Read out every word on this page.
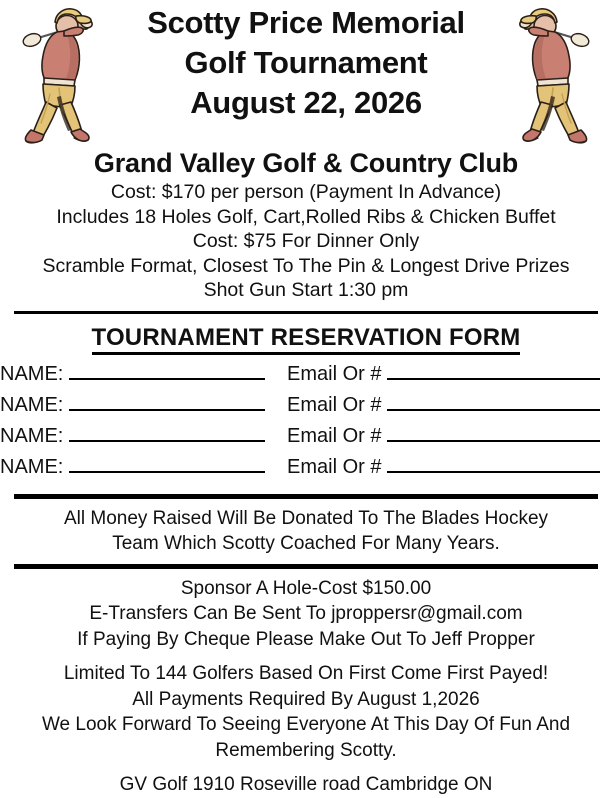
Scotty Price Memorial
Golf Tournament
August 22, 2026
Grand Valley Golf & Country Club
Cost: $170 per person (Payment In Advance)
Includes 18 Holes Golf, Cart,Rolled Ribs & Chicken Buffet
Cost: $75 For Dinner Only
Scramble Format, Closest To The Pin & Longest Drive Prizes
Shot Gun Start 1:30 pm
TOURNAMENT RESERVATION FORM
NAME:	Email Or #
NAME:	Email Or #
NAME:	Email Or #
NAME:	Email Or #
All Money Raised Will Be Donated To The Blades Hockey
Team Which Scotty Coached For Many Years.
Sponsor A Hole-Cost $150.00
E-Transfers Can Be Sent To jproppersr@gmail.com
If Paying By Cheque Please Make Out To Jeff Propper
Limited To 144 Golfers Based On First Come First Payed!
All Payments Required By August 1,2026
We Look Forward To Seeing Everyone At This Day Of Fun And
Remembering Scotty.
GV Golf 1910 Roseville road Cambridge ON
